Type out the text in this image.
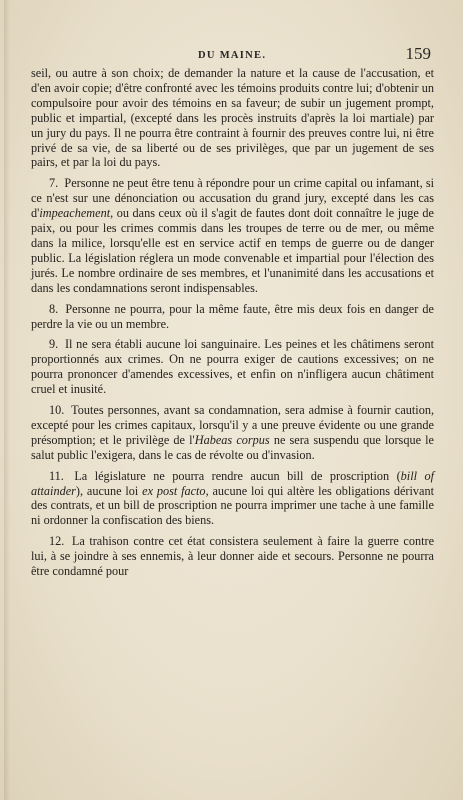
DU MAINE.	159

seil, ou autre à son choix; de demander la nature et la cause de l'accusation, et d'en avoir copie; d'être confronté avec les témoins produits contre lui; d'obtenir un compulsoire pour avoir des témoins en sa faveur; de subir un jugement prompt, public et impartial, (excepté dans les procès instruits d'après la loi martiale) par un jury du pays. Il ne pourra être contraint à fournir des preuves contre lui, ni être privé de sa vie, de sa liberté ou de ses privilèges, que par un jugement de ses pairs, et par la loi du pays.

7. Personne ne peut être tenu à répondre pour un crime capital ou infamant, si ce n'est sur une dénonciation ou accusation du grand jury, excepté dans les cas d'impeachement, ou dans ceux où il s'agit de fautes dont doit connaître le juge de paix, ou pour les crimes commis dans les troupes de terre ou de mer, ou même dans la milice, lorsqu'elle est en service actif en temps de guerre ou de danger public. La législation réglera un mode convenable et impartial pour l'élection des jurés. Le nombre ordinaire de ses membres, et l'unanimité dans les accusations et dans les condamnations seront indispensables.

8. Personne ne pourra, pour la même faute, être mis deux fois en danger de perdre la vie ou un membre.

9. Il ne sera établi aucune loi sanguinaire. Les peines et les châtimens seront proportionnés aux crimes. On ne pourra exiger de cautions excessives; on ne pourra prononcer d'amendes excessives, et enfin on n'infligera aucun châtiment cruel et inusité.

10. Toutes personnes, avant sa condamnation, sera admise à fournir caution, excepté pour les crimes capitaux, lorsqu'il y a une preuve évidente ou une grande présomption; et le privilège de l'Habeas corpus ne sera suspendu que lorsque le salut public l'exigera, dans le cas de révolte ou d'invasion.

11. La législature ne pourra rendre aucun bill de proscription (bill of attainder), aucune loi ex post facto, aucune loi qui altère les obligations dérivant des contrats, et un bill de proscription ne pourra imprimer une tache à une famille ni ordonner la confiscation des biens.

12. La trahison contre cet état consistera seulement à faire la guerre contre lui, à se joindre à ses ennemis, à leur donner aide et secours. Personne ne pourra être condamné pour
